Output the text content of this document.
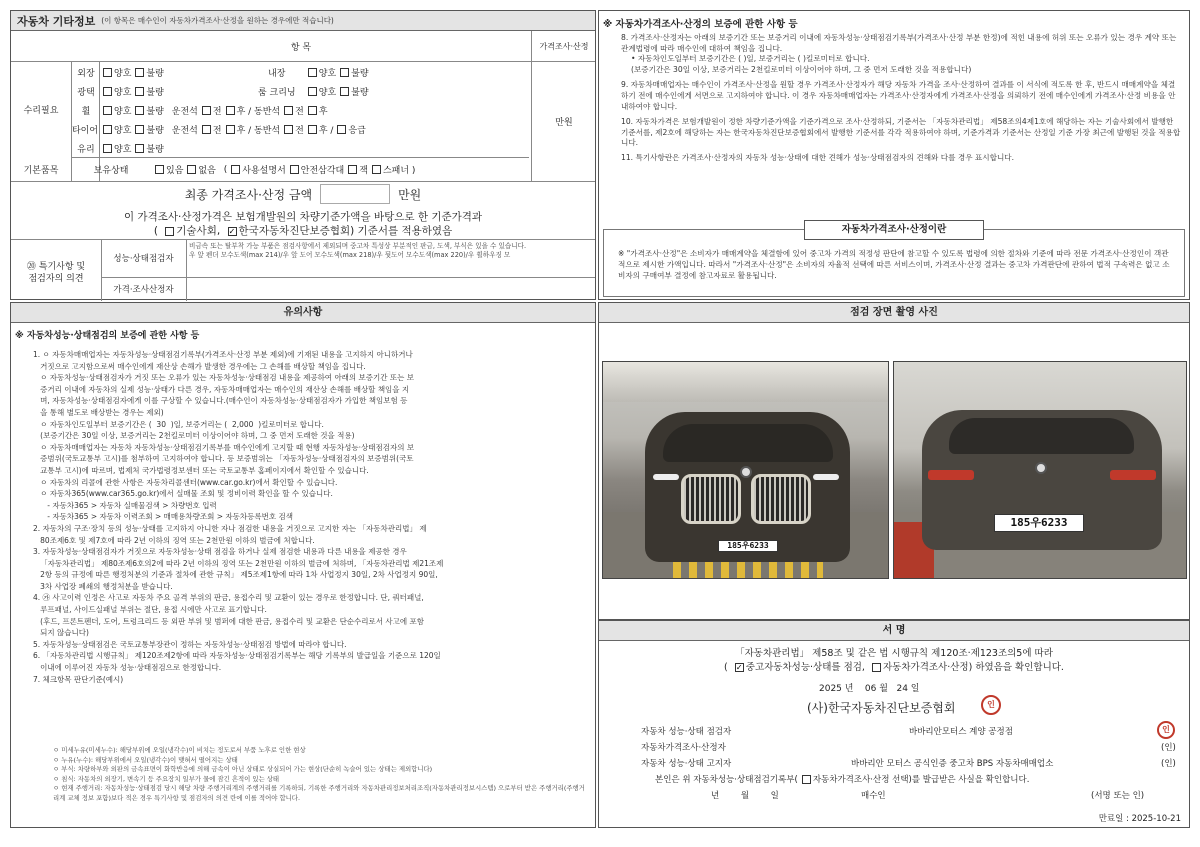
자동차 기타정보 (이 항목은 매수인이 자동차가격조사·산정을 원하는 경우에만 적습니다)
항 목	가격조사·산정
수리필요
기본품목
만원
외장	양호 불량	내장	양호 불량
광택	양호 불량	룸 크리닝	양호 불량
휠	양호 불량 운전석 전 후 / 동반석 전 후
타이어 양호 불량 운전석 전 후 / 동반석 전 후 / 응급
유리	양호 불량
보유상태	있음 없음 ( 사용설명서 안전삼각대 잭 스패너 )
최종 가격조사·산정 금액	만원
이 가격조사·산정가격은 보험개발원의 차량기준가액을 바탕으로 한 기준가격과
( 기술사회, ✓ 한국자동차진단보증협회) 기준서를 적용하였음
⑳ 특기사항 및
점검자의 의견
성능·상태점검자
비금속 또는 탈부착 가능 부품은 점검사항에서 제외되며 중고차 특성상 부분적인 판금, 도색, 부식은 있을 수 있습니다.
우 앞 펜더 모수도색(max 214)/우 앞 도어 모수도색(max 218)/우 뒷도어 모수도색(max 220)/우 휠하우징 모
가격·조사산정자
※ 자동차가격조사·산정의 보증에 관한 사항 등
8. 가격조사·산정자는 아래의 보증기간 또는 보증거리 이내에 자동차성능·상태점검기록부(가격조사·산정 부분 한정)에 적힌 내용에 허위 또는 오류가 있는 경우 계약 또는 관계법령에 따라 매수인에 대하여 책임을 집니다.
• 자동차인도일부터 보증기간은 ( )일, 보증거리는 ( )킬로미터로 합니다.
(보증기간은 30일 이상, 보증거리는 2천킬로미터 이상이어야 하며, 그 중 먼저 도래한 것을 적용합니다)
9. 자동차매매업자는 매수인이 가격조사·산정을 원할 경우 가격조사·산정자가 해당 자동차 가격을 조사·산정하여 결과를 이 서식에 적도록 한 후, 반드시 매매계약을 체결하기 전에 매수인에게 서면으로 고지하여야 합니다. 이 경우 자동차매매업자는 가격조사·산정자에게 가격조사·산정을 의뢰하기 전에 매수인에게 가격조사·산정 비용을 안내하여야 합니다.
10. 자동차가격은 보험개발원이 정한 차량기준가액을 기준가격으로 조사·산정하되, 기준서는 「자동차관리법」 제58조의4제1호에 해당하는 자는 기술사회에서 발행한 기준서를, 제2호에 해당하는 자는 한국자동차진단보증협회에서 발행한 기준서를 각각 적용하여야 하며, 기준가격과 기준서는 산정일 기준 가장 최근에 발행된 것을 적용합니다.
11. 특기사항란은 가격조사·산정자의 자동차 성능·상태에 대한 견해가 성능·상태점검자의 견해와 다를 경우 표시합니다.
자동차가격조사·산정이란
※ "가격조사·산정"은 소비자가 매매계약을 체결함에 있어 중고차 가격의 적정성 판단에 참고할 수 있도록 법령에 의한 절차와 기준에 따라 전문 가격조사·산정인이 객관적으로 제시한 가액입니다. 따라서 "가격조사·산정"은 소비자의 자율적 선택에 따른 서비스이며, 가격조사·산정 결과는 중고차 가격판단에 관하여 법적 구속력은 없고 소비자의 구매여부 결정에 참고자료로 활용됩니다.
유의사항
※ 자동차성능·상태점검의 보증에 관한 사항 등
1. ㅇ 자동차매매업자는 자동차성능·상태점검기록부(가격조사·산정 부분 제외)에 기재된 내용을 고지하지 아니하거나
거짓으로 고지함으로써 매수인에게 재산상 손해가 발생한 경우에는 그 손해를 배상할 책임을 집니다.
ㅇ 자동차성능·상태점검자가 거짓 또는 오류가 있는 자동차성능·상태점검 내용을 제공하여 아래의 보증기간 또는 보
증거리 이내에 자동차의 실제 성능·상태가 다른 경우, 자동차매매업자는 매수인의 재산상 손해를 배상할 책임을 지
며, 자동차성능·상태점검자에게 이를 구상할 수 있습니다.(매수인이 자동차성능·상태점검자가 가입한 책임보험 등
을 통해 별도로 배상받는 경우는 제외)
ㅇ 자동차인도일부터 보증기간은 (  30  )일, 보증거리는 (  2,000  )킬로미터로 합니다.
(보증기간은 30일 이상, 보증거리는 2천킬로미터 이상이어야 하며, 그 중 먼저 도래한 것을 적용)
ㅇ 자동차매매업자는 자동차 자동차성능·상태점검기록부를 매수인에게 고지할 때 현행 자동차성능·상태점검자의 보
증범위(국토교통부 고시)를 첨부하여 고지하여야 합니다. 등 보증범위는 「자동차성능·상태점검자의 보증범위(국토
교통부 고시)에 따르며, 법제처 국가법령정보센터 또는 국토교통부 홈페이지에서 확인할 수 있습니다.
ㅇ 자동차의 리콜에 관한 사항은 자동차리콜센터(www.car.go.kr)에서 확인할 수 있습니다.
ㅇ 자동차365(www.car365.go.kr)에서 실매물 조회 및 정비이력 확인을 할 수 있습니다.
- 자동차365 > 자동차 실매물검색 > 차량번호 입력
- 자동차365 > 자동차 이력조회 > 매매용차량조회 > 자동차등록번호 검색
2. 자동차의 구조·장치 등의 성능·상태를 고지하지 아니한 자나 점검한 내용을 거짓으로 고지한 자는 「자동차관리법」 제
80조제6호 및 제7호에 따라 2년 이하의 징역 또는 2천만원 이하의 벌금에 처합니다.
3. 자동차성능·상태점검자가 거짓으로 자동차성능·상태 점검을 하거나 실제 점검한 내용과 다른 내용을 제공한 경우
「자동차관리법」 제80조제6호의2에 따라 2년 이하의 징역 또는 2천만원 이하의 벌금에 처하며, 「자동차관리법 제21조제
2항 등의 규정에 따른 행정처분의 기준과 절차에 관한 규칙」 제5조제1항에 따라 1차 사업정지 30일, 2차 사업정지 90일,
3차 사업장 폐쇄의 행정처분을 받습니다.
4. ㉮ 사고이력 인정은 사고로 자동차 주요 골격 부위의 판금, 용접수리 및 교환이 있는 경우로 한정합니다. 단, 쿼터패널,
루프패널, 사이드실패널 부위는 절단, 용접 시에만 사고로 표기합니다.
(후드, 프론트펜더, 도어, 트렁크리드 등 외판 부위 및 범퍼에 대한 판금, 용접수리 및 교환은 단순수리로서 사고에 포함
되지 않습니다)
5. 자동차성능·상태점검은 국토교통부장관이 정하는 자동차성능·상태점검 방법에 따라야 합니다.
6. 「자동차관리법 시행규칙」 제120조제2항에 따라 자동차성능·상태점검기록부는 해당 기록부의 발급일을 기준으로 120일
이내에 이루어진 자동차 성능·상태점검으로 한정합니다.
7. 체크항목 판단기준(예시)
ㅇ 미세누유(미세누수): 해당부위에 오일(냉각수)이 비치는 정도로서 부품 노후로 인한 현상
ㅇ 누유(누수): 해당부위에서 오일(냉각수)이 맺혀서 떨어지는 상태
ㅇ 부식: 차량하부와 외판의 금속표면이 화학반응에 의해 금속이 아닌 상태로 상실되어 가는 현상(단순히 녹슬어 있는 상태는 제외합니다)
ㅇ 침식: 자동차의 외장기, 변속기 등 주요장치 일부가 물에 잠긴 흔적이 있는 상태
ㅇ 현재 주행거리: 자동차성능·상태점검 당시 해당 차량 주행거리계의 주행거리를 기록하되, 기록한 주행거리와 자동차관리정보처리조직(자동차관리정보시스템) 으로부터 받은 주행거리(주행거리계 교체 정보 포함)보다 적은 경우 특기사항 및 점검자의 의견 란에 이를 적어야 합니다.
점검 장면 촬영 사진
185우6233
185우6233
서 명
「자동차관리법」 제58조 및 같은 법 시행규칙 제120조·제123조의5에 따라
( ✓ 중고자동차성능·상태를 점검, 자동차가격조사·산정) 하였음을 확인합니다.
2025 년    06 월   24 일
(사)한국자동차진단보증협회	인
자동차 성능·상태 점검자	바바리안모터스 계양 공정점	인
자동차가격조사·산정자	(인)
자동차 성능·상태 고지자	바바리안 모터스 공식인증 중고차 BPS 자동차매매업소	(인)
본인은 위 자동차성능·상태점검기록부( 자동차가격조사·산정 선택)를 발급받은 사실을 확인합니다.
년        월        일	매수인	(서명 또는 인)
만료일 : 2025-10-21
